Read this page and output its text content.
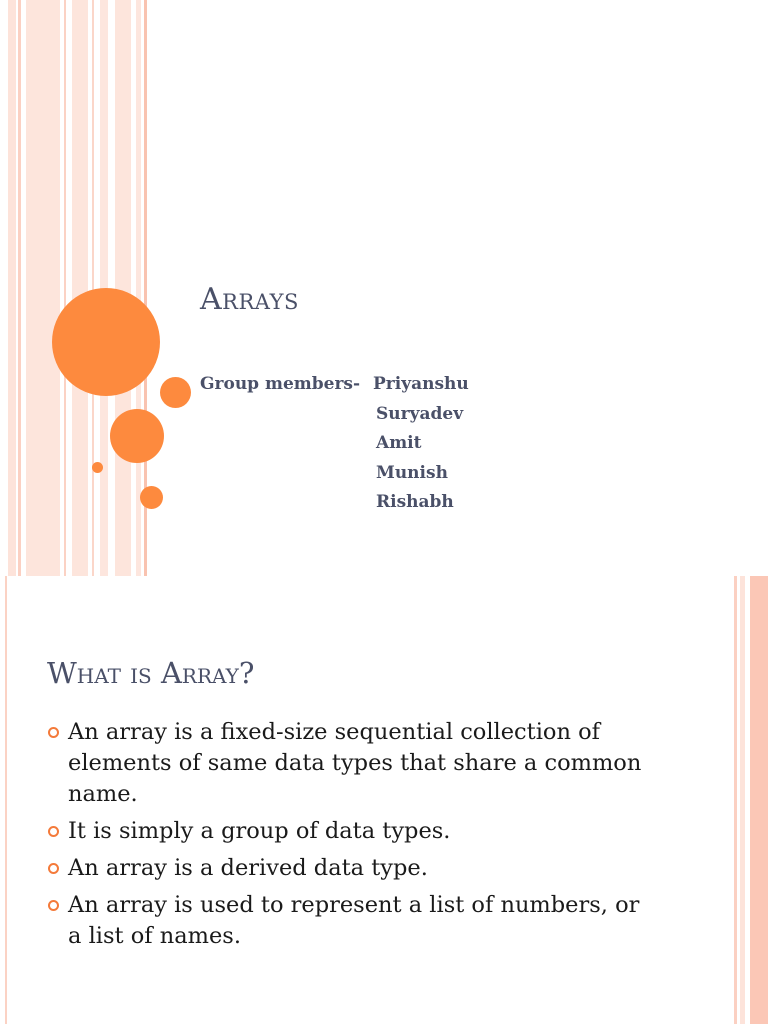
Arrays
Group members- Priyanshu
Suryadev
Amit
Munish
Rishabh
What is Array?
An array is a fixed-size sequential collection of elements of same data types that share a common name.
It is simply a group of data types.
An array is a derived data type.
An array is used to represent a list of numbers, or a list of names.
